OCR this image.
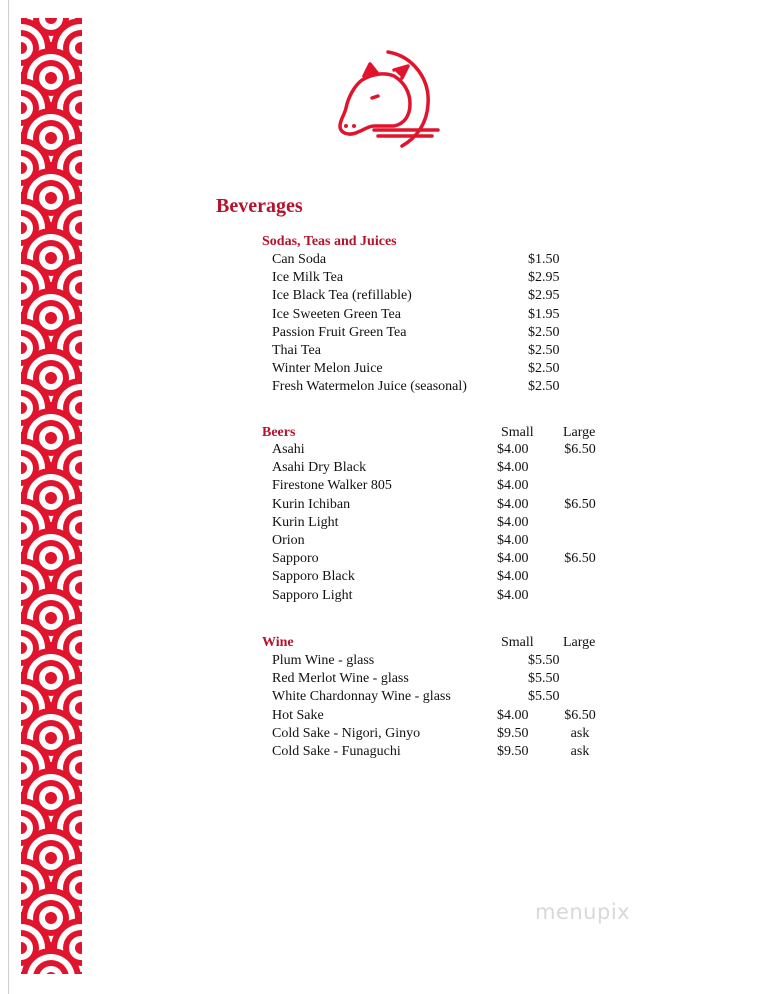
Beverages
Sodas, Teas and Juices
Can Soda	$1.50
Ice Milk Tea	$2.95
Ice Black Tea (refillable)	$2.95
Ice Sweeten Green Tea	$1.95
Passion Fruit Green Tea	$2.50
Thai Tea	$2.50
Winter Melon Juice	$2.50
Fresh Watermelon Juice (seasonal)	$2.50
Beers	Small Large
Asahi	$4.00	$6.50
Asahi Dry Black	$4.00
Firestone Walker 805	$4.00
Kurin Ichiban	$4.00	$6.50
Kurin Light	$4.00
Orion	$4.00
Sapporo	$4.00	$6.50
Sapporo Black	$4.00
Sapporo Light	$4.00
Wine	Small Large
Plum Wine - glass	$5.50
Red Merlot Wine - glass	$5.50
White Chardonnay Wine - glass	$5.50
Hot Sake	$4.00	$6.50
Cold Sake - Nigori, Ginyo	$9.50	ask
Cold Sake - Funaguchi	$9.50	ask
menupix
